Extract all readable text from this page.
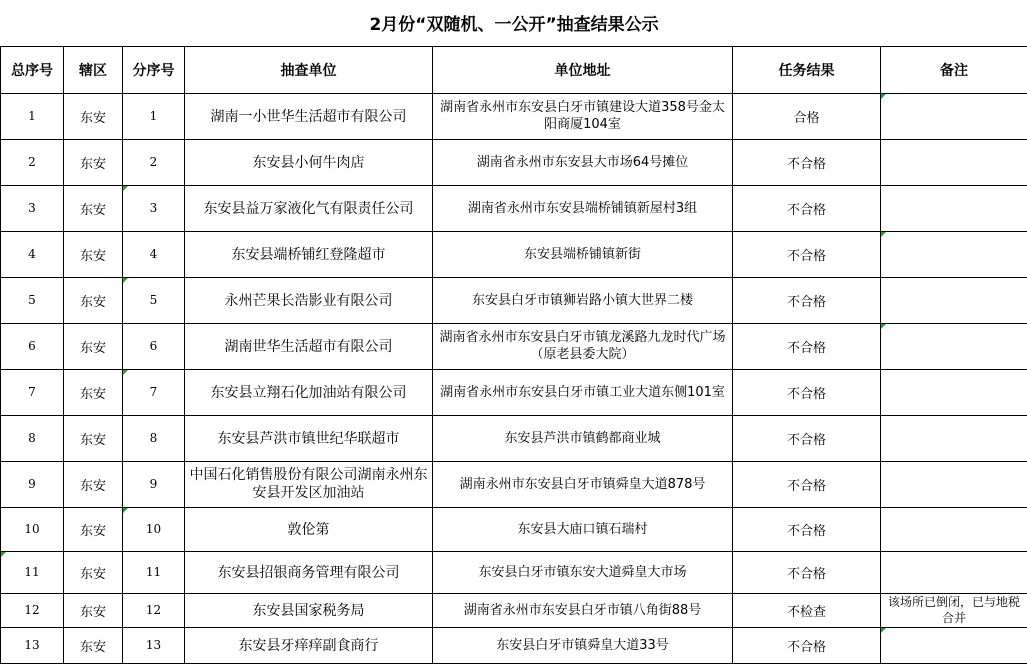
2月份“双随机、一公开”抽查结果公示						
总序号	辖区	分序号	抽查单位	单位地址	任务结果	备注
1	东安	1	湖南一小世华生活超市有限公司	湖南省永州市东安县白牙市镇建设大道358号金太阳商厦104室	合格	
2	东安	2	东安县小何牛肉店	湖南省永州市东安县大市场64号摊位	不合格	
3	东安	3	东安县益万家液化气有限责任公司	湖南省永州市东安县端桥铺镇新屋村3组	不合格	
4	东安	4	东安县端桥铺红登隆超市	东安县端桥铺镇新街	不合格	
5	东安	5	永州芒果长浩影业有限公司	东安县白牙市镇狮岩路小镇大世界二楼	不合格	
6	东安	6	湖南世华生活超市有限公司	湖南省永州市东安县白牙市镇龙溪路九龙时代广场（原老县委大院）	不合格	
7	东安	7	东安县立翔石化加油站有限公司	湖南省永州市东安县白牙市镇工业大道东侧101室	不合格	
8	东安	8	东安县芦洪市镇世纪华联超市	东安县芦洪市镇鹤都商业城	不合格	
9	东安	9	中国石化销售股份有限公司湖南永州东安县开发区加油站	湖南永州市东安县白牙市镇舜皇大道878号	不合格	
10	东安	10	敦伦第	东安县大庙口镇石瑞村	不合格	
11	东安	11	东安县招银商务管理有限公司	东安县白牙市镇东安大道舜皇大市场	不合格	
12	东安	12	东安县国家税务局	湖南省永州市东安县白牙市镇八角街88号	不检查	该场所已倒闭，已与地税合并
13	东安	13	东安县牙痒痒副食商行	东安县白牙市镇舜皇大道33号	不合格	
